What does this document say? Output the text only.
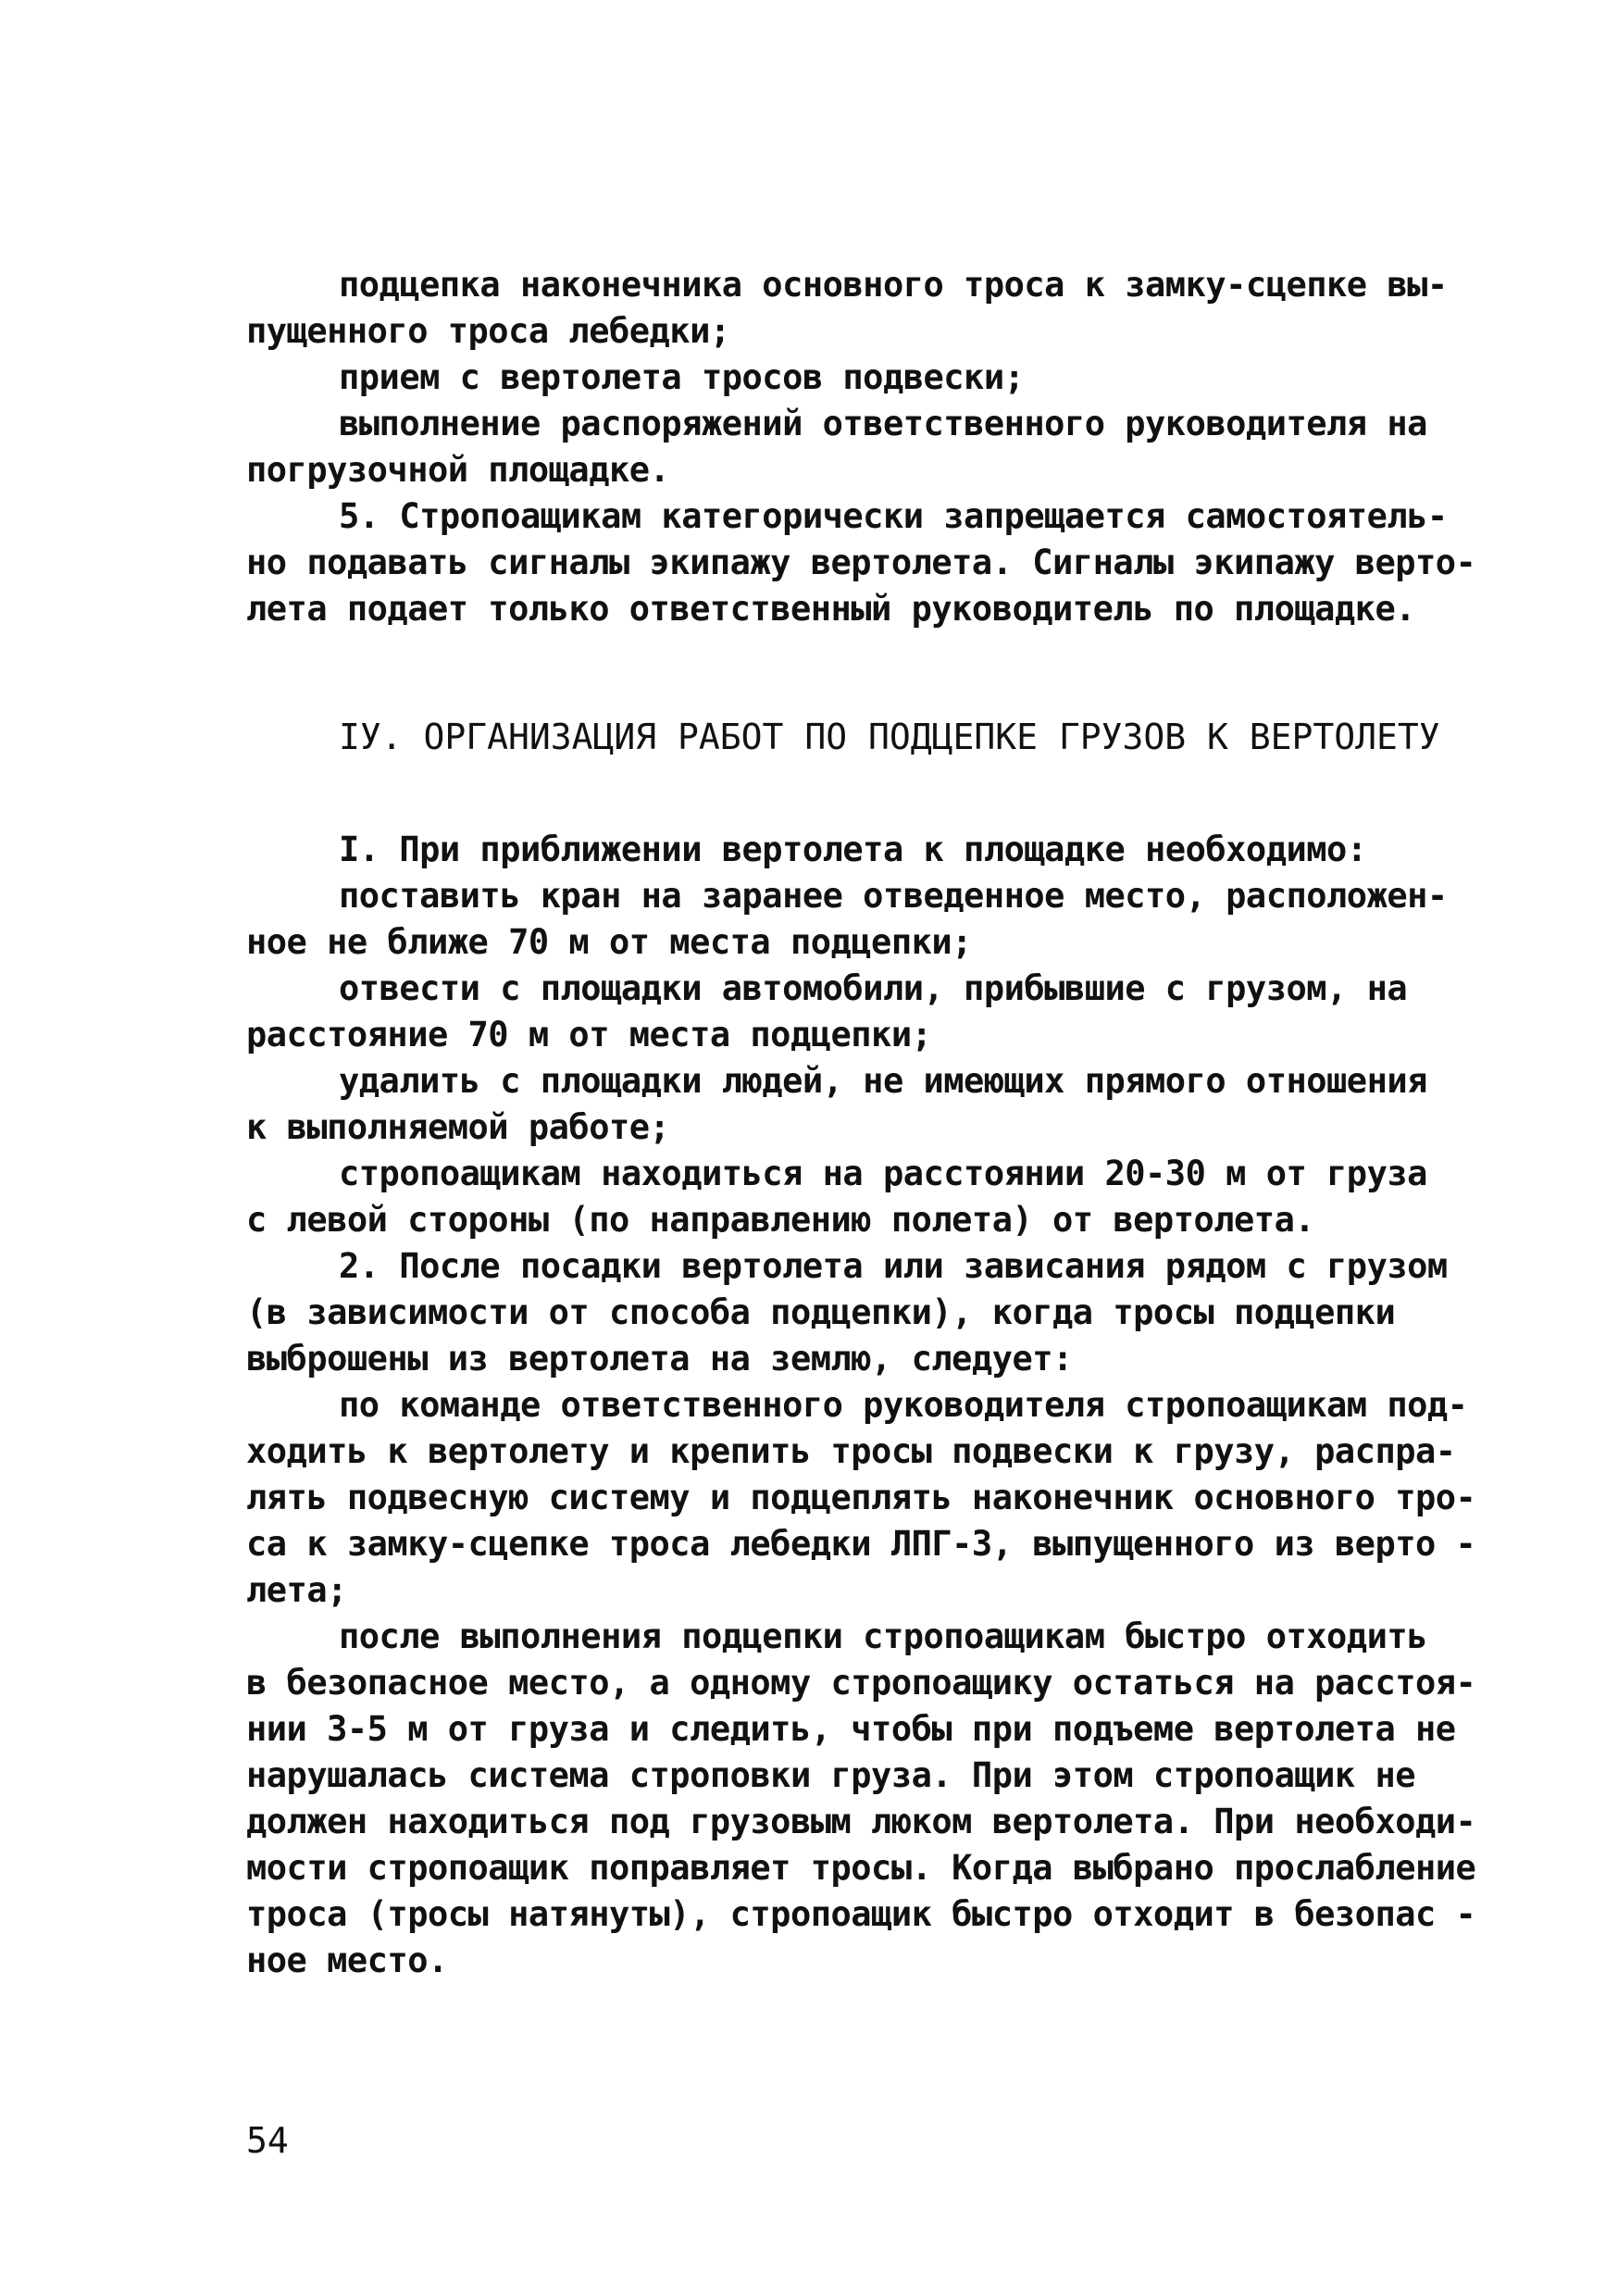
подцепка наконечника основного троса к замку-сцепке вы-
пущенного троса лебедки;
прием с вертолета тросов подвески;
выполнение распоряжений ответственного руководителя на
погрузочной площадке.
5. Стропоащикам категорически запрещается самостоятель-
но подавать сигналы экипажу вертолета. Сигналы экипажу верто-
лета подает только ответственный руководитель по площадке.
IУ. ОРГАНИЗАЦИЯ РАБОТ ПО ПОДЦЕПКЕ ГРУЗОВ К ВЕРТОЛЕТУ
I. При приближении вертолета к площадке необходимо:
поставить кран на заранее отведенное место, расположен-
ное не ближе 70 м от места подцепки;
отвести с площадки автомобили, прибывшие с грузом, на
расстояние 70 м от места подцепки;
удалить с площадки людей, не имеющих прямого отношения
к выполняемой работе;
стропоащикам находиться на расстоянии 20-30 м от груза
с левой стороны (по направлению полета) от вертолета.
2. После посадки вертолета или зависания рядом с грузом
(в зависимости от способа подцепки), когда тросы подцепки
выброшены из вертолета на землю, следует:
по команде ответственного руководителя стропоащикам под-
ходить к вертолету и крепить тросы подвески к грузу, распра-
лять подвесную систему и подцеплять наконечник основного тро-
са к замку-сцепке троса лебедки ЛПГ-3, выпущенного из верто -
лета;
после выполнения подцепки стропоащикам быстро отходить
в безопасное место, а одному стропоащику остаться на расстоя-
нии 3-5 м от груза и следить, чтобы при подъеме вертолета не
нарушалась система строповки груза. При этом стропоащик не
должен находиться под грузовым люком вертолета. При необходи-
мости стропоащик поправляет тросы. Когда выбрано прослабление
троса (тросы натянуты), стропоащик быстро отходит в безопас -
ное место.
54
